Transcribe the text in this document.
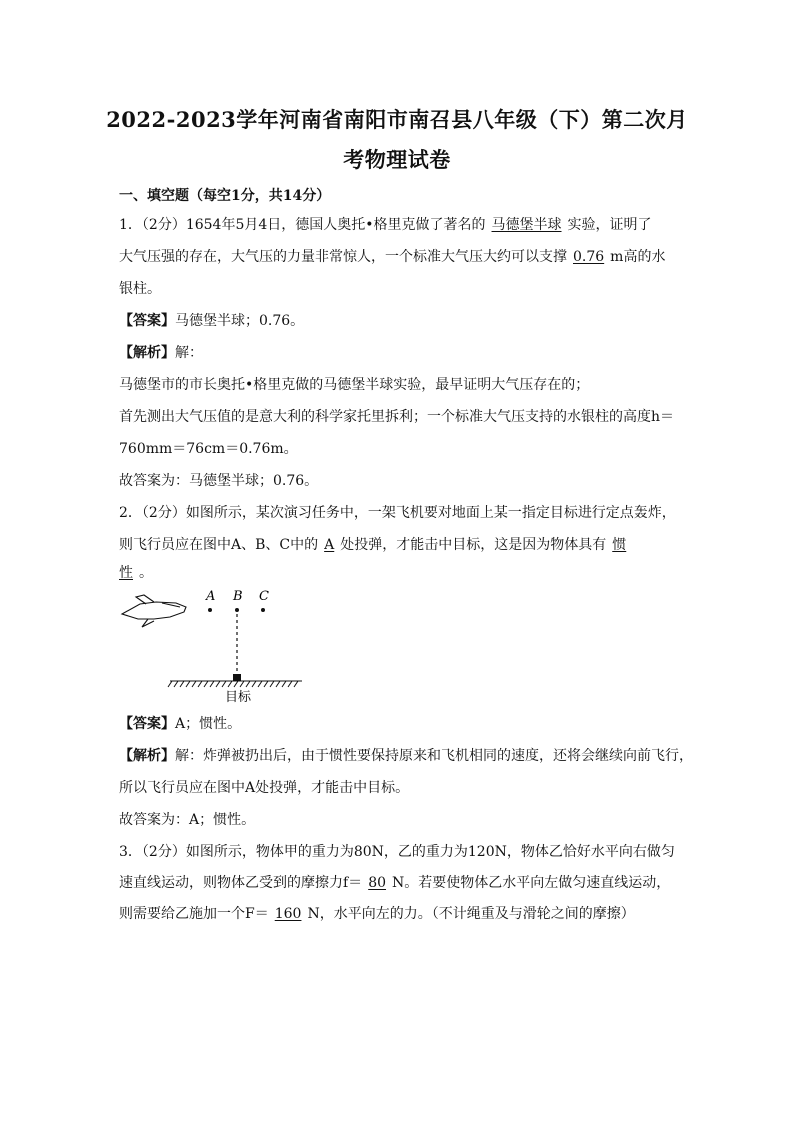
2022-2023学年河南省南阳市南召县八年级（下）第二次月
考物理试卷
一、填空题（每空1分，共14分）
1．（2分）1654年5月4日，德国人奥托•格里克做了著名的 马德堡半球 实验，证明了
大气压强的存在，大气压的力量非常惊人，一个标准大气压大约可以支撑 0.76 m高的水
银柱。
【答案】马德堡半球；0.76。
【解析】解：
马德堡市的市长奥托•格里克做的马德堡半球实验，最早证明大气压存在的；
首先测出大气压值的是意大利的科学家托里拆利；一个标准大气压支持的水银柱的高度h＝
760mm＝76cm＝0.76m。
故答案为：马德堡半球；0.76。
2．（2分）如图所示，某次演习任务中，一架飞机要对地面上某一指定目标进行定点轰炸，
则飞行员应在图中A、B、C中的 A 处投弹，才能击中目标，这是因为物体具有 惯
性 。
A B C
目标
【答案】A；惯性。
【解析】解：炸弹被扔出后，由于惯性要保持原来和飞机相同的速度，还将会继续向前飞行，
所以飞行员应在图中A处投弹，才能击中目标。
故答案为：A；惯性。
3．（2分）如图所示，物体甲的重力为80N，乙的重力为120N，物体乙恰好水平向右做匀
速直线运动，则物体乙受到的摩擦力f＝ 80 N。若要使物体乙水平向左做匀速直线运动，
则需要给乙施加一个F＝ 160 N，水平向左的力。（不计绳重及与滑轮之间的摩擦）
